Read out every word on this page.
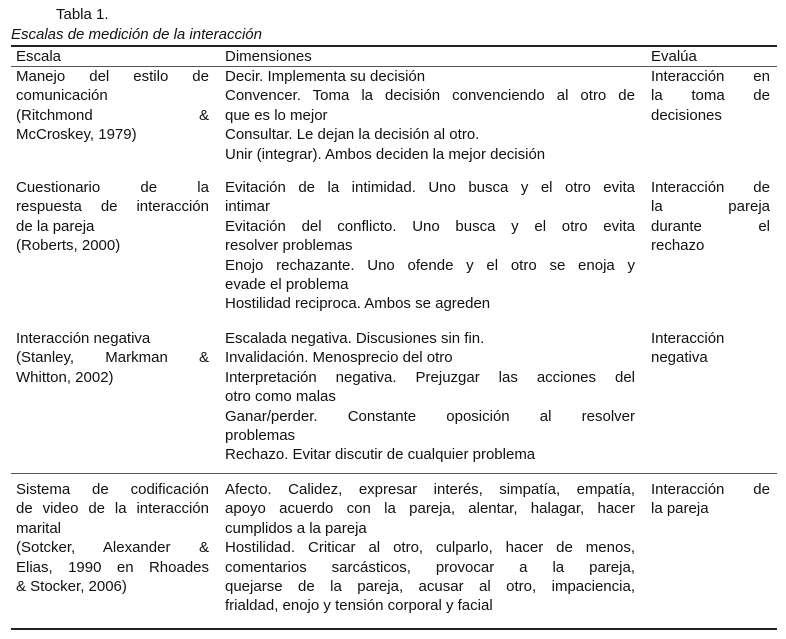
Tabla 1.
Escalas de medición de la interacción
Escala	Dimensiones	Evalúa

Manejo del estilo de

comunicación

(Ritchmond &

McCroskey, 1979)

Decir. Implementa su decisión

Convencer. Toma la decisión convenciendo al otro de

que es lo mejor

Consultar. Le dejan la decisión al otro.

Unir (integrar). Ambos deciden la mejor decisión

Interacción en

la toma de

decisiones

Cuestionario de la

respuesta de interacción

de la pareja

(Roberts, 2000)

Evitación de la intimidad. Uno busca y el otro evita

intimar

Evitación del conflicto. Uno busca y el otro evita

resolver problemas

Enojo rechazante. Uno ofende y el otro se enoja y

evade el problema

Hostilidad reciproca. Ambos se agreden

Interacción de

la pareja

durante el

rechazo

Interacción negativa

(Stanley, Markman &

Whitton, 2002)

Escalada negativa. Discusiones sin fin.

Invalidación. Menosprecio del otro

Interpretación negativa. Prejuzgar las acciones del

otro como malas

Ganar/perder. Constante oposición al resolver

problemas

Rechazo. Evitar discutir de cualquier problema

Interacción

negativa

Sistema de codificación

de video de la interacción

marital

(Sotcker, Alexander &

Elias, 1990 en Rhoades

& Stocker, 2006)

Afecto. Calidez, expresar interés, simpatía, empatía,

apoyo acuerdo con la pareja, alentar, halagar, hacer

cumplidos a la pareja

Hostilidad. Criticar al otro, culparlo, hacer de menos,

comentarios sarcásticos, provocar a la pareja,

quejarse de la pareja, acusar al otro, impaciencia,

frialdad, enojo y tensión corporal y facial

Interacción de

la pareja
